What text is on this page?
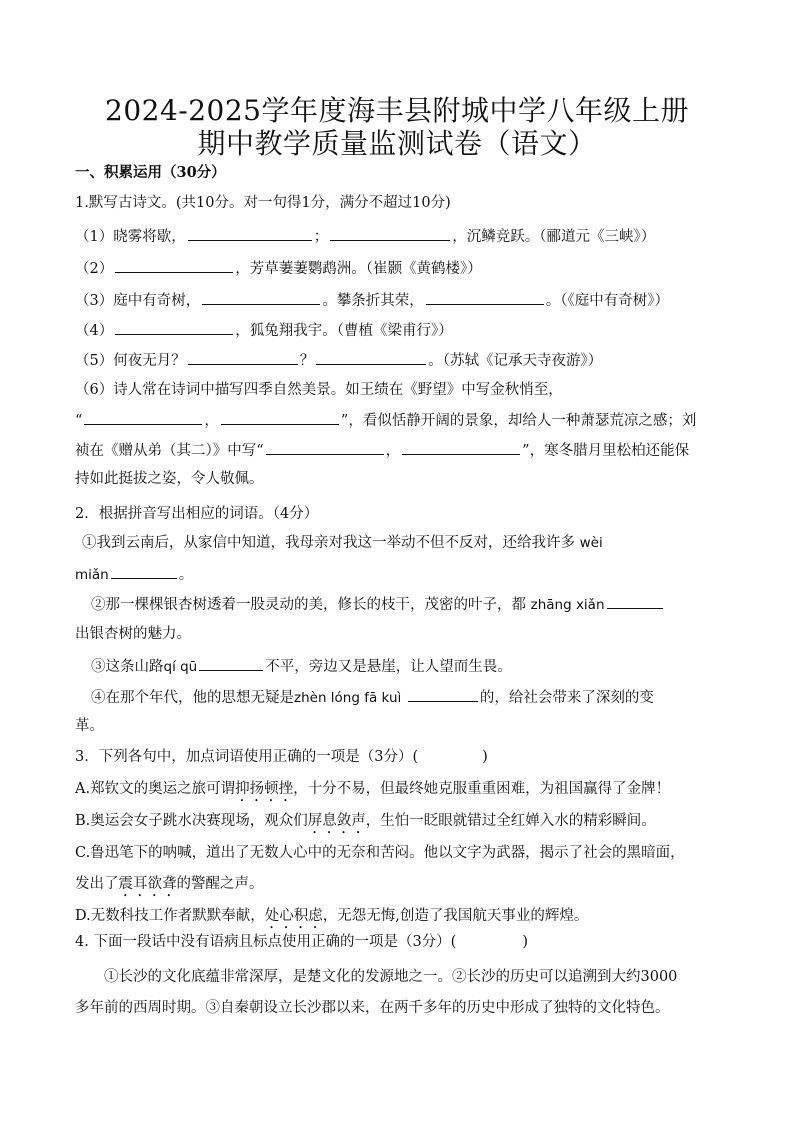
2024-2025学年度海丰县附城中学八年级上册
期中教学质量监测试卷（语文）
一、积累运用（30分）
1.默写古诗文。(共10分。对一句得1分，满分不超过10分)
（1）晓雾将歇，	；	，沉鳞竞跃。（郦道元《三峡》）
（2）	，芳草萋萋鹦鹉洲。（崔颢《黄鹤楼》）
（3）庭中有奇树，	。攀条折其荣，	。（《庭中有奇树》）
（4）	，狐兔翔我宇。（曹植《梁甫行》）
（5）何夜无月？	？	。（苏轼《记承天寺夜游》）
（6）诗人常在诗词中描写四季自然美景。如王绩在《野望》中写金秋悄至，
“	，	”，看似恬静开阔的景象，却给人一种萧瑟荒凉之感；刘
祯在《赠从弟（其二）》中写“	，	”，寒冬腊月里松柏还能保
持如此挺拔之姿，令人敬佩。
2．根据拼音写出相应的词语。（4分）
①我到云南后，从家信中知道，我母亲对我这一举动不但不反对，还给我许多 wèi
miǎn	。
②那一棵棵银杏树透着一股灵动的美，修长的枝干，茂密的叶子，都 zhāng xiǎn
出银杏树的魅力。
③这条山路qí qū	不平，旁边又是悬崖，让人望而生畏。
④在那个年代，他的思想无疑是zhèn lóng fā kuì	的，给社会带来了深刻的变
革。
3．下列各句中，加点词语使用正确的一项是（3分）(	)
A.郑钦文的奥运之旅可谓抑扬顿挫，十分不易，但最终她克服重重困难，为祖国赢得了金牌！
B.奥运会女子跳水决赛现场，观众们屏息敛声，生怕一眨眼就错过全红婵入水的精彩瞬间。
C.鲁迅笔下的呐喊，道出了无数人心中的无奈和苦闷。他以文字为武器，揭示了社会的黑暗面，
发出了震耳欲聋的警醒之声。
D.无数科技工作者默默奉献，处心积虑，无怨无悔,创造了我国航天事业的辉煌。
4. 下面一段话中没有语病且标点使用正确的一项是（3分）(	)
①长沙的文化底蕴非常深厚，是楚文化的发源地之一。②长沙的历史可以追溯到大约3000
多年前的西周时期。③自秦朝设立长沙郡以来，在两千多年的历史中形成了独特的文化特色。
